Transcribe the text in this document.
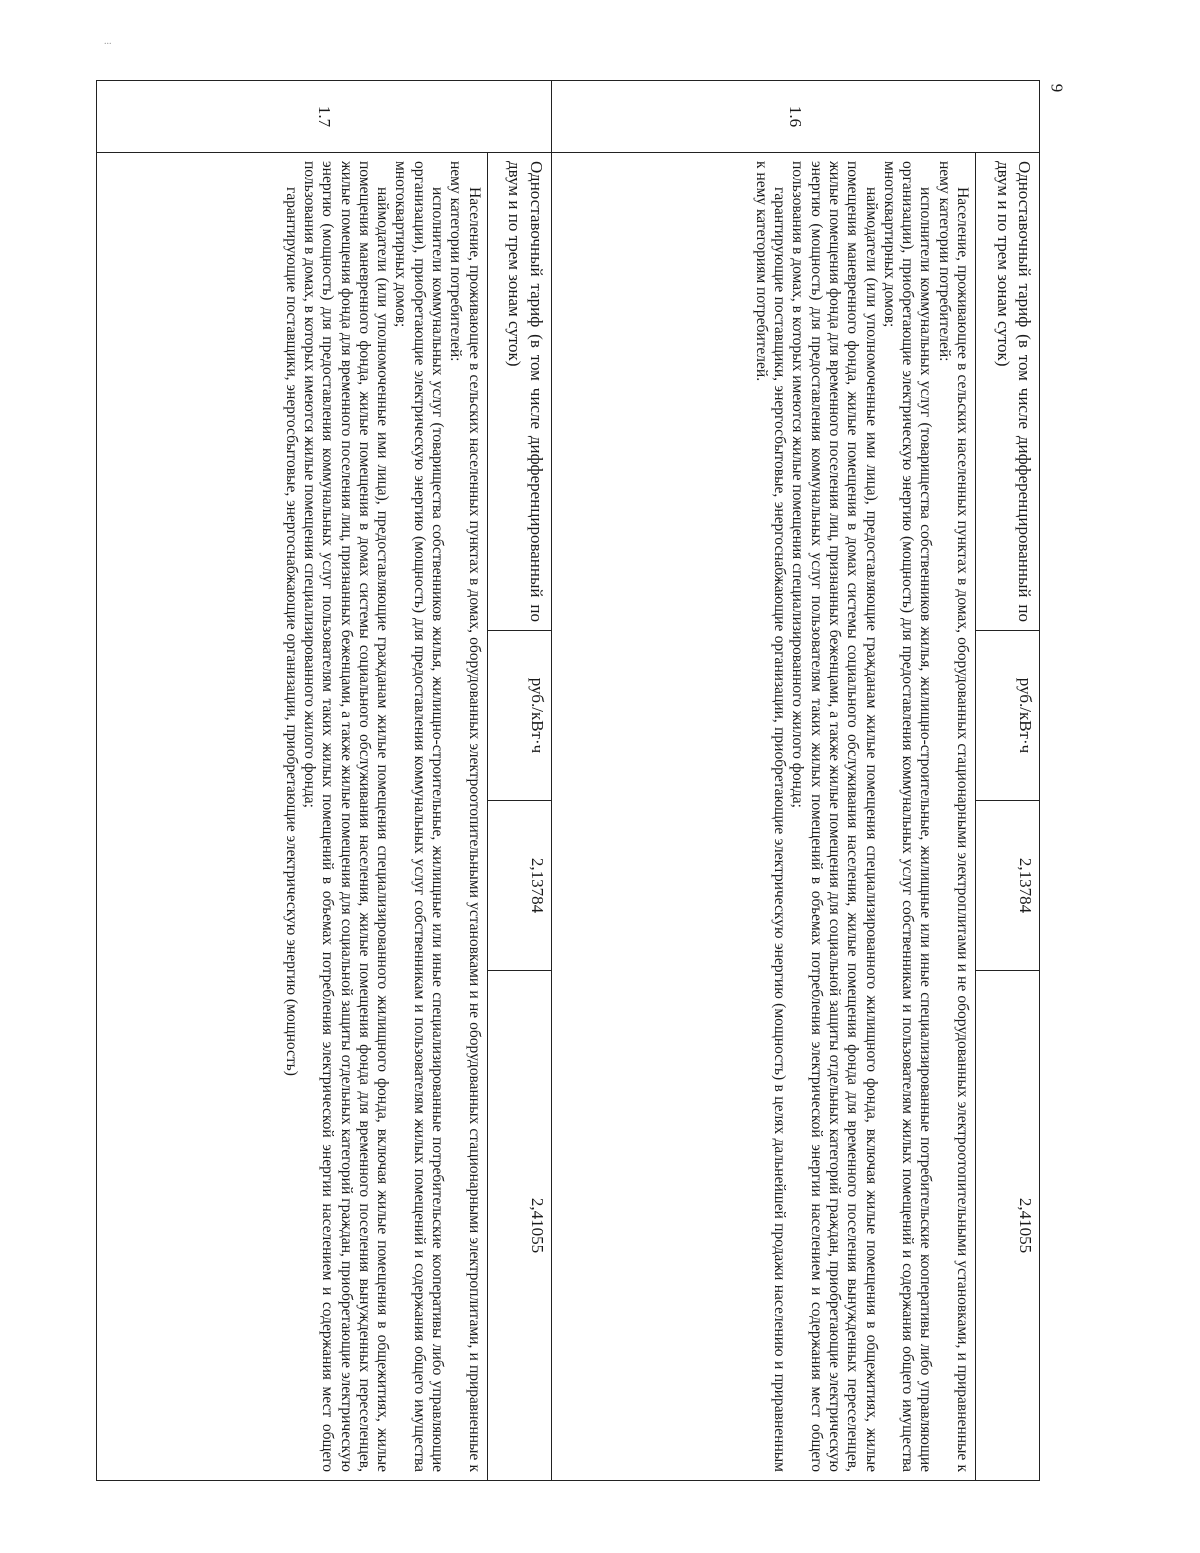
...
9
1.6	Одноставочный тариф (в том числе дифференцированный по двум и по трем зонам суток)	руб./кВт·ч	2,13784	2,41055

	Население, проживающее в сельских населенных пунктах в домах, оборудованных стационарными электроплитами и не оборудованных электроотопительными установками, и приравненные к нему категории потребителей:

исполнители коммунальных услуг (товарищества собственников жилья, жилищно-строительные, жилищные или иные специализированные потребительские кооперативы либо управляющие организации), приобретающие электрическую энергию (мощность) для предоставления коммунальных услуг собственникам и пользователям жилых помещений и содержания общего имущества многоквартирных домов;

наймодатели (или уполномоченные ими лица), предоставляющие гражданам жилые помещения специализированного жилищного фонда, включая жилые помещения в общежитиях, жилые помещения маневренного фонда, жилые помещения в домах системы социального обслуживания населения, жилые помещения фонда для временного поселения вынужденных переселенцев, жилые помещения фонда для временного поселения лиц, признанных беженцами, а также жилые помещения для социальной защиты отдельных категорий граждан, приобретающие электрическую энергию (мощность) для предоставления коммунальных услуг пользователям таких жилых помещений в объемах потребления электрической энергии населением и содержания мест общего пользования в домах, в которых имеются жилые помещения специализированного жилого фонда;

гарантирующие поставщики, энергосбытовые, энергоснабжающие организации, приобретающие электрическую энергию (мощность) в целях дальнейшей продажи населению и приравненным к нему категориям потребителей.			

1.7	Одноставочный тариф (в том числе дифференцированный по двум и по трем зонам суток)	руб./кВт·ч	2,13784	2,41055

	Население, проживающее в сельских населенных пунктах в домах, оборудованных электроотопительными установками и не оборудованных стационарными электроплитами, и приравненные к нему категории потребителей:

исполнители коммунальных услуг (товарищества собственников жилья, жилищно-строительные, жилищные или иные специализированные потребительские кооперативы либо управляющие организации), приобретающие электрическую энергию (мощность) для предоставления коммунальных услуг собственникам и пользователям жилых помещений и содержания общего имущества многоквартирных домов;

наймодатели (или уполномоченные ими лица), предоставляющие гражданам жилые помещения специализированного жилищного фонда, включая жилые помещения в общежитиях, жилые помещения маневренного фонда, жилые помещения в домах системы социального обслуживания населения, жилые помещения фонда для временного поселения вынужденных переселенцев, жилые помещения фонда для временного поселения лиц, признанных беженцами, а также жилые помещения для социальной защиты отдельных категорий граждан, приобретающие электрическую энергию (мощность) для предоставления коммунальных услуг пользователям таких жилых помещений в объемах потребления электрической энергии населением и содержания мест общего пользования в домах, в которых имеются жилые помещения специализированного жилого фонда;

гарантирующие поставщики, энергосбытовые, энергоснабжающие организации, приобретающие электрическую энергию (мощность)			
